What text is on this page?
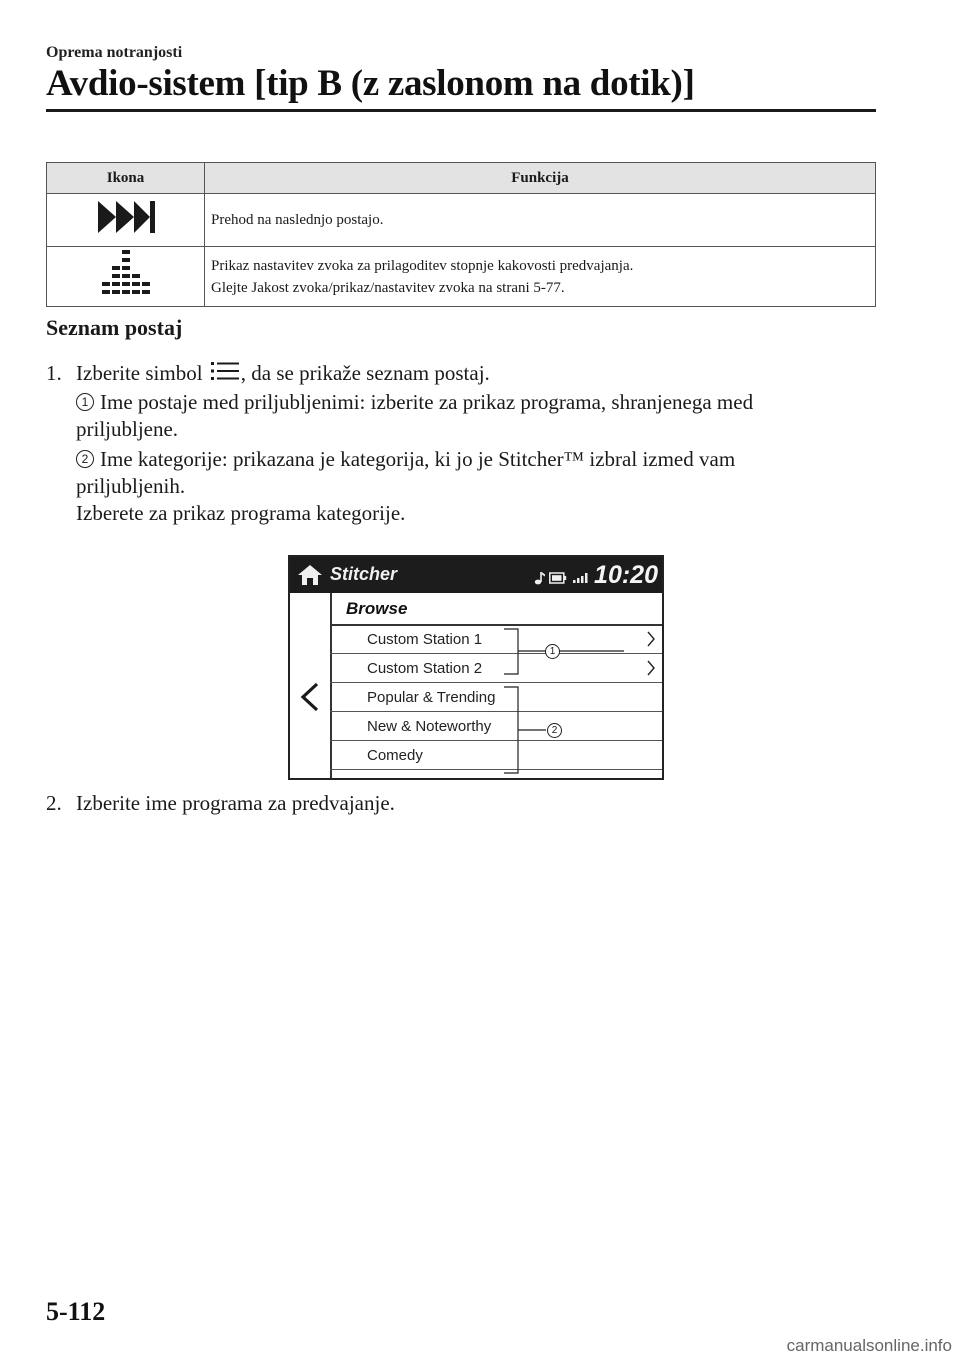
Oprema notranjosti
Avdio-sistem [tip B (z zaslonom na dotik)]
Ikona	Funkcija

Prehod na naslednjo postajo.

Prikaz nastavitev zvoka za prilagoditev stopnje kakovosti predvajanja.
Glejte Jakost zvoka/prikaz/nastavitev zvoka na strani 5-77.
Seznam postaj
1. Izberite simbol , da se prikaže seznam postaj.
1 Ime postaje med priljubljenimi: izberite za prikaz programa, shranjenega med
priljubljene.
2 Ime kategorije: prikazana je kategorija, ki jo je Stitcher™ izbral izmed vam
priljubljenih.
Izberete za prikaz programa kategorije.
Stitcher	10:20
Browse
Custom Station 1
Custom Station 2
Popular & Trending
New & Noteworthy
Comedy
1
2
2. Izberite ime programa za predvajanje.
5-112
carmanualsonline.info
